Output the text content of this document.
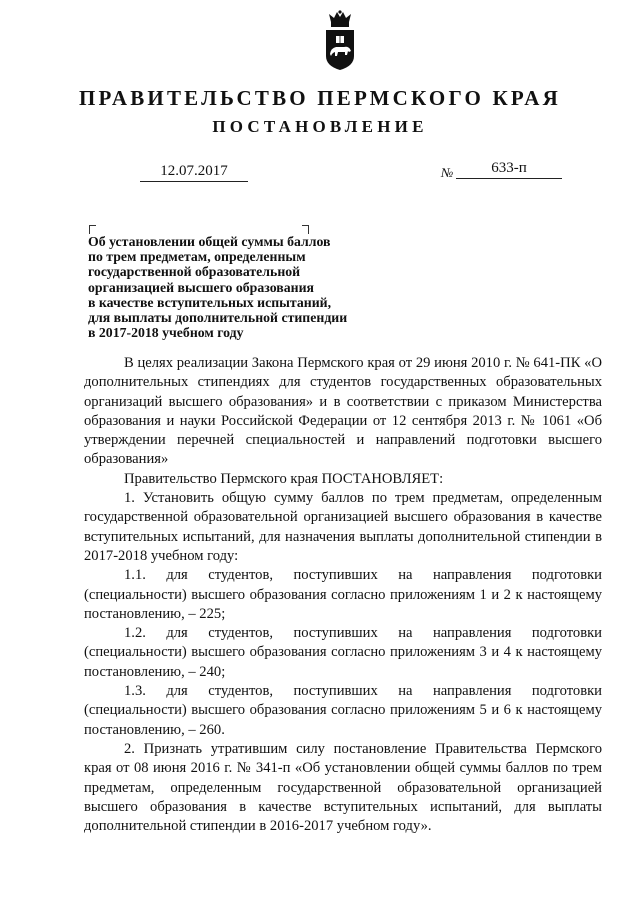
ПРАВИТЕЛЬСТВО ПЕРМСКОГО КРАЯ
ПОСТАНОВЛЕНИЕ
12.07.2017	№	633-п
Об установлении общей суммы баллов
по трем предметам, определенным
государственной образовательной
организацией высшего образования
в качестве вступительных испытаний,
для выплаты дополнительной стипендии
в 2017-2018 учебном году

В целях реализации Закона Пермского края от 29 июня 2010 г. № 641-ПК «О дополнительных стипендиях для студентов государственных образовательных организаций высшего образования» и в соответствии с приказом Министерства образования и науки Российской Федерации от 12 сентября 2013 г. № 1061 «Об утверждении перечней специальностей и направлений подготовки высшего образования»

Правительство Пермского края ПОСТАНОВЛЯЕТ:

1. Установить общую сумму баллов по трем предметам, определенным государственной образовательной организацией высшего образования в качестве вступительных испытаний, для назначения выплаты дополнительной стипендии в 2017-2018 учебном году:

1.1. для студентов, поступивших на направления подготовки (специальности) высшего образования согласно приложениям 1 и 2 к настоящему постановлению, – 225;

1.2. для студентов, поступивших на направления подготовки (специальности) высшего образования согласно приложениям 3 и 4 к настоящему постановлению, – 240;

1.3. для студентов, поступивших на направления подготовки (специальности) высшего образования согласно приложениям 5 и 6 к настоящему постановлению, – 260.

2. Признать утратившим силу постановление Правительства Пермского края от 08 июня 2016 г. № 341-п «Об установлении общей суммы баллов по трем предметам, определенным государственной образовательной организацией высшего образования в качестве вступительных испытаний, для выплаты дополнительной стипендии в 2016-2017 учебном году».
